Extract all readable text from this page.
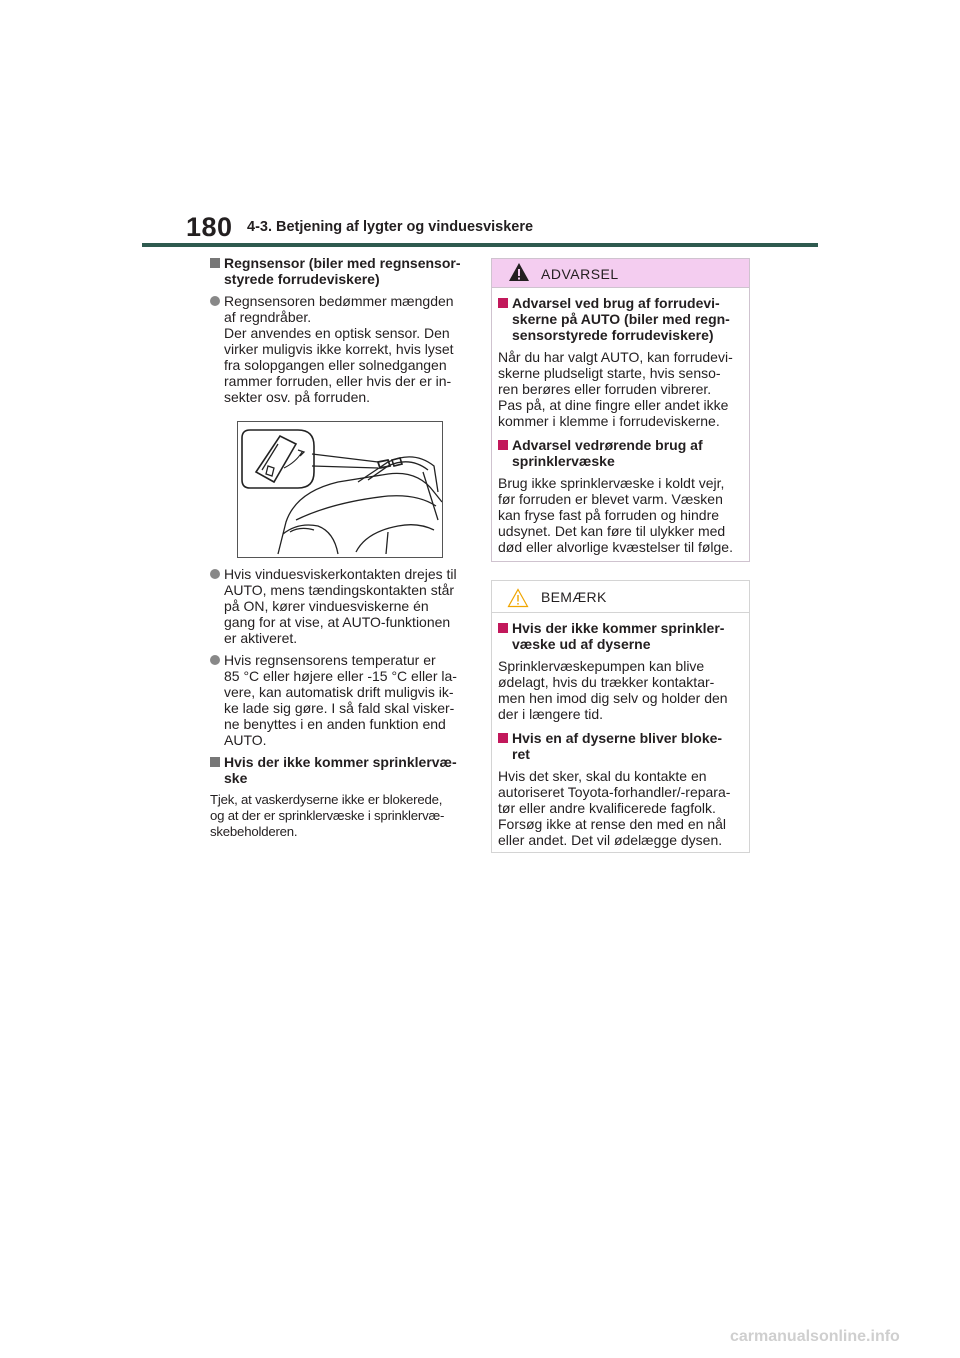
180 4-3. Betjening af lygter og vinduesviskere
Regnsensor (biler med regnsensor-
styrede forrudeviskere)
Regnsensoren bedømmer mængden
af regndråber.
Der anvendes en optisk sensor. Den
virker muligvis ikke korrekt, hvis lyset
fra solopgangen eller solnedgangen
rammer forruden, eller hvis der er in-
sekter osv. på forruden.
Hvis vinduesviskerkontakten drejes til
AUTO, mens tændingskontakten står
på ON, kører vinduesviskerne én
gang for at vise, at AUTO-funktionen
er aktiveret.
Hvis regnsensorens temperatur er
85 °C eller højere eller -15 °C eller la-
vere, kan automatisk drift muligvis ik-
ke lade sig gøre. I så fald skal visker-
ne benyttes i en anden funktion end
AUTO.
Hvis der ikke kommer sprinklervæ-
ske
Tjek, at vaskerdyserne ikke er blokerede,
og at der er sprinklervæske i sprinklervæ-
skebeholderen.
ADVARSEL
Advarsel ved brug af forrudevi-
skerne på AUTO (biler med regn-
sensorstyrede forrudeviskere)
Når du har valgt AUTO, kan forrudevi-
skerne pludseligt starte, hvis senso-
ren berøres eller forruden vibrerer.
Pas på, at dine fingre eller andet ikke
kommer i klemme i forrudeviskerne.
Advarsel vedrørende brug af
sprinklervæske
Brug ikke sprinklervæske i koldt vejr,
før forruden er blevet varm. Væsken
kan fryse fast på forruden og hindre
udsynet. Det kan føre til ulykker med
død eller alvorlige kvæstelser til følge.
BEMÆRK
Hvis der ikke kommer sprinkler-
væske ud af dyserne
Sprinklervæskepumpen kan blive
ødelagt, hvis du trækker kontaktar-
men hen imod dig selv og holder den
der i længere tid.
Hvis en af dyserne bliver bloke-
ret
Hvis det sker, skal du kontakte en
autoriseret Toyota-forhandler/-repara-
tør eller andre kvalificerede fagfolk.
Forsøg ikke at rense den med en nål
eller andet. Det vil ødelægge dysen.
carmanualsonline.info
